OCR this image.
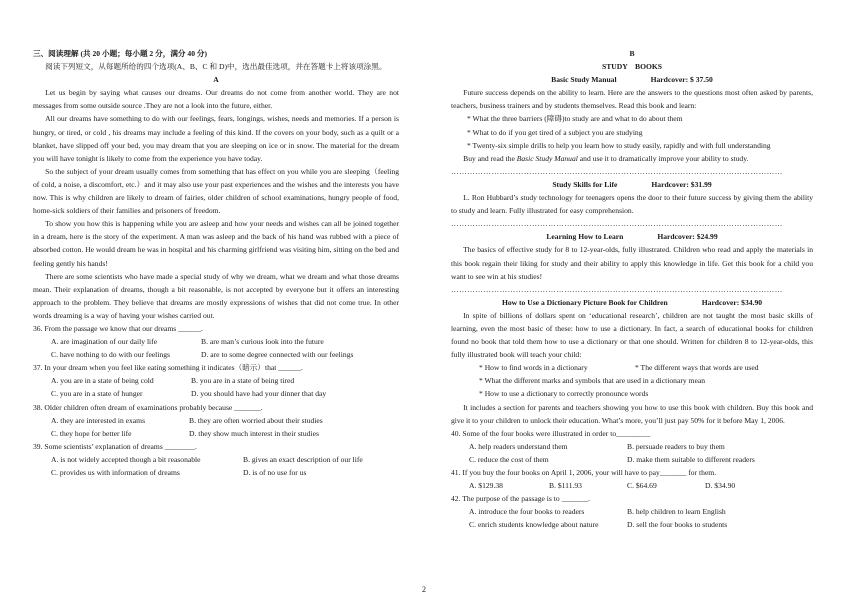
三、阅读理解 (共 20 小题；每小题 2 分，满分 40 分)

阅读下列短文，从每题所给的四个选项(A、B、C 和 D)中，选出最佳选项，并在答题卡上将该项涂黑。

A

Let us begin by saying what causes our dreams. Our dreams do not come from another world. They are not messages from some outside source .They are not a look into the future, either.

All our dreams have something to do with our feelings, fears, longings, wishes, needs and memories. If a person is hungry, or tired, or cold , his dreams may include a feeling of this kind. If the covers on your body, such as a quilt or a blanket, have slipped off your bed, you may dream that you are sleeping on ice or in snow. The material for the dream you will have tonight is likely to come from the experience you have today.

So the subject of your dream usually comes from something that has effect on you while you are sleeping（feeling of cold, a noise, a discomfort, etc.）and it may also use your past experiences and the wishes and the interests you have now. This is why children are likely to dream of fairies, older children of school examinations, hungry people of food, home-sick soldiers of their families and prisoners of freedom.

To show you how this is happening while you are asleep and how your needs and wishes can all be joined together in a dream, here is the story of the experiment. A man was asleep and the back of his hand was rubbed with a piece of absorbed cotton. He would dream he was in hospital and his charming girlfriend was visiting him, sitting on the bed and feeling gently his hands!

There are some scientists who have made a special study of why we dream, what we dream and what those dreams mean. Their explanation of dreams, though a bit reasonable, is not accepted by everyone but it offers an interesting approach to the problem. They believe that dreams are mostly expressions of wishes that did not come true. In other words dreaming is a way of having your wishes carried out.

36. From the passage we know that our dreams ______.

A. are imagination of our daily life	B. are man’s curious look into the future
C. have nothing to do with our feelings	D. are to some degree connected with our feelings

37. In your dream when you feel like eating something it indicates（暗示）that ______.

A. you are in a state of being cold	B. you are in a state of being tired
C. you are in a state of hunger	D. you should have had your dinner that day

38. Older children often dream of examinations probably because _______.

A. they are interested in exams	B. they are often worried about their studies
C. they hope for better life	D. they show much interest in their studies

39. Some scientists’ explanation of dreams ________.

A. is not widely accepted though a bit reasonable	B. gives an exact description of our life
C. provides us with information of dreams	D. is of no use for us

B

STUDY　BOOKS

Basic Study Manual	Hardcover: $ 37.50

Future success depends on the ability to learn. Here are the answers to the questions most often asked by parents, teachers, business trainers and by students themselves. Read this book and learn:

* What the three barriers (障碍)to study are and what to do about them

* What to do if you get tired of a subject you are studying

* Twenty-six simple drills to help you learn how to study easily, rapidly and with full understanding

Buy and read the Basic Study Manual and use it to dramatically improve your ability to study.

……………………………………………………………………………………………………………

Study Skills for Life	Hardcover: $31.99

L. Ron Hubbard’s study technology for teenagers opens the door to their future success by giving them the ability to study and learn. Fully illustrated for easy comprehension.

……………………………………………………………………………………………………………

Learning How to Learn	Hardcover: $24.99

The basics of effective study for 8 to 12-year-olds, fully illustrated. Children who read and apply the materials in this book regain their liking for study and their ability to apply this knowledge in life. Get this book for a child you want to see win at his studies!

……………………………………………………………………………………………………………

How to Use a Dictionary Picture Book for Children	Hardcover: $34.90

In spite of billions of dollars spent on ‘educational research’, children are not taught the most basic skills of learning, even the most basic of these: how to use a dictionary. In fact, a search of educational books for children found no book that told them how to use a dictionary or that one should. Written for children 8 to 12-year-olds, this fully illustrated book will teach your child:

* How to find words in a dictionary	* The different ways that words are used

* What the different marks and symbols that are used in a dictionary mean

* How to use a dictionary to correctly pronounce words

It includes a section for parents and teachers showing you how to use this book with children. Buy this book and give it to your children to unlock their education. What’s more, you’ll just pay 50% for it before May 1, 2006.

40. Some of the four books were illustrated in order to_________

A. help readers understand them	B. persuade readers to buy them
C. reduce the cost of them	D. make them suitable to different readers

41. If you buy the four books on April 1, 2006, your will have to pay_______ for them.

A. $129.38	B. $111.93	C. $64.69	D. $34.90

42. The purpose of the passage is to _______.

A. introduce the four books to readers	B. help children to learn English
C. enrich students knowledge about nature	D. sell the four books to students
2
